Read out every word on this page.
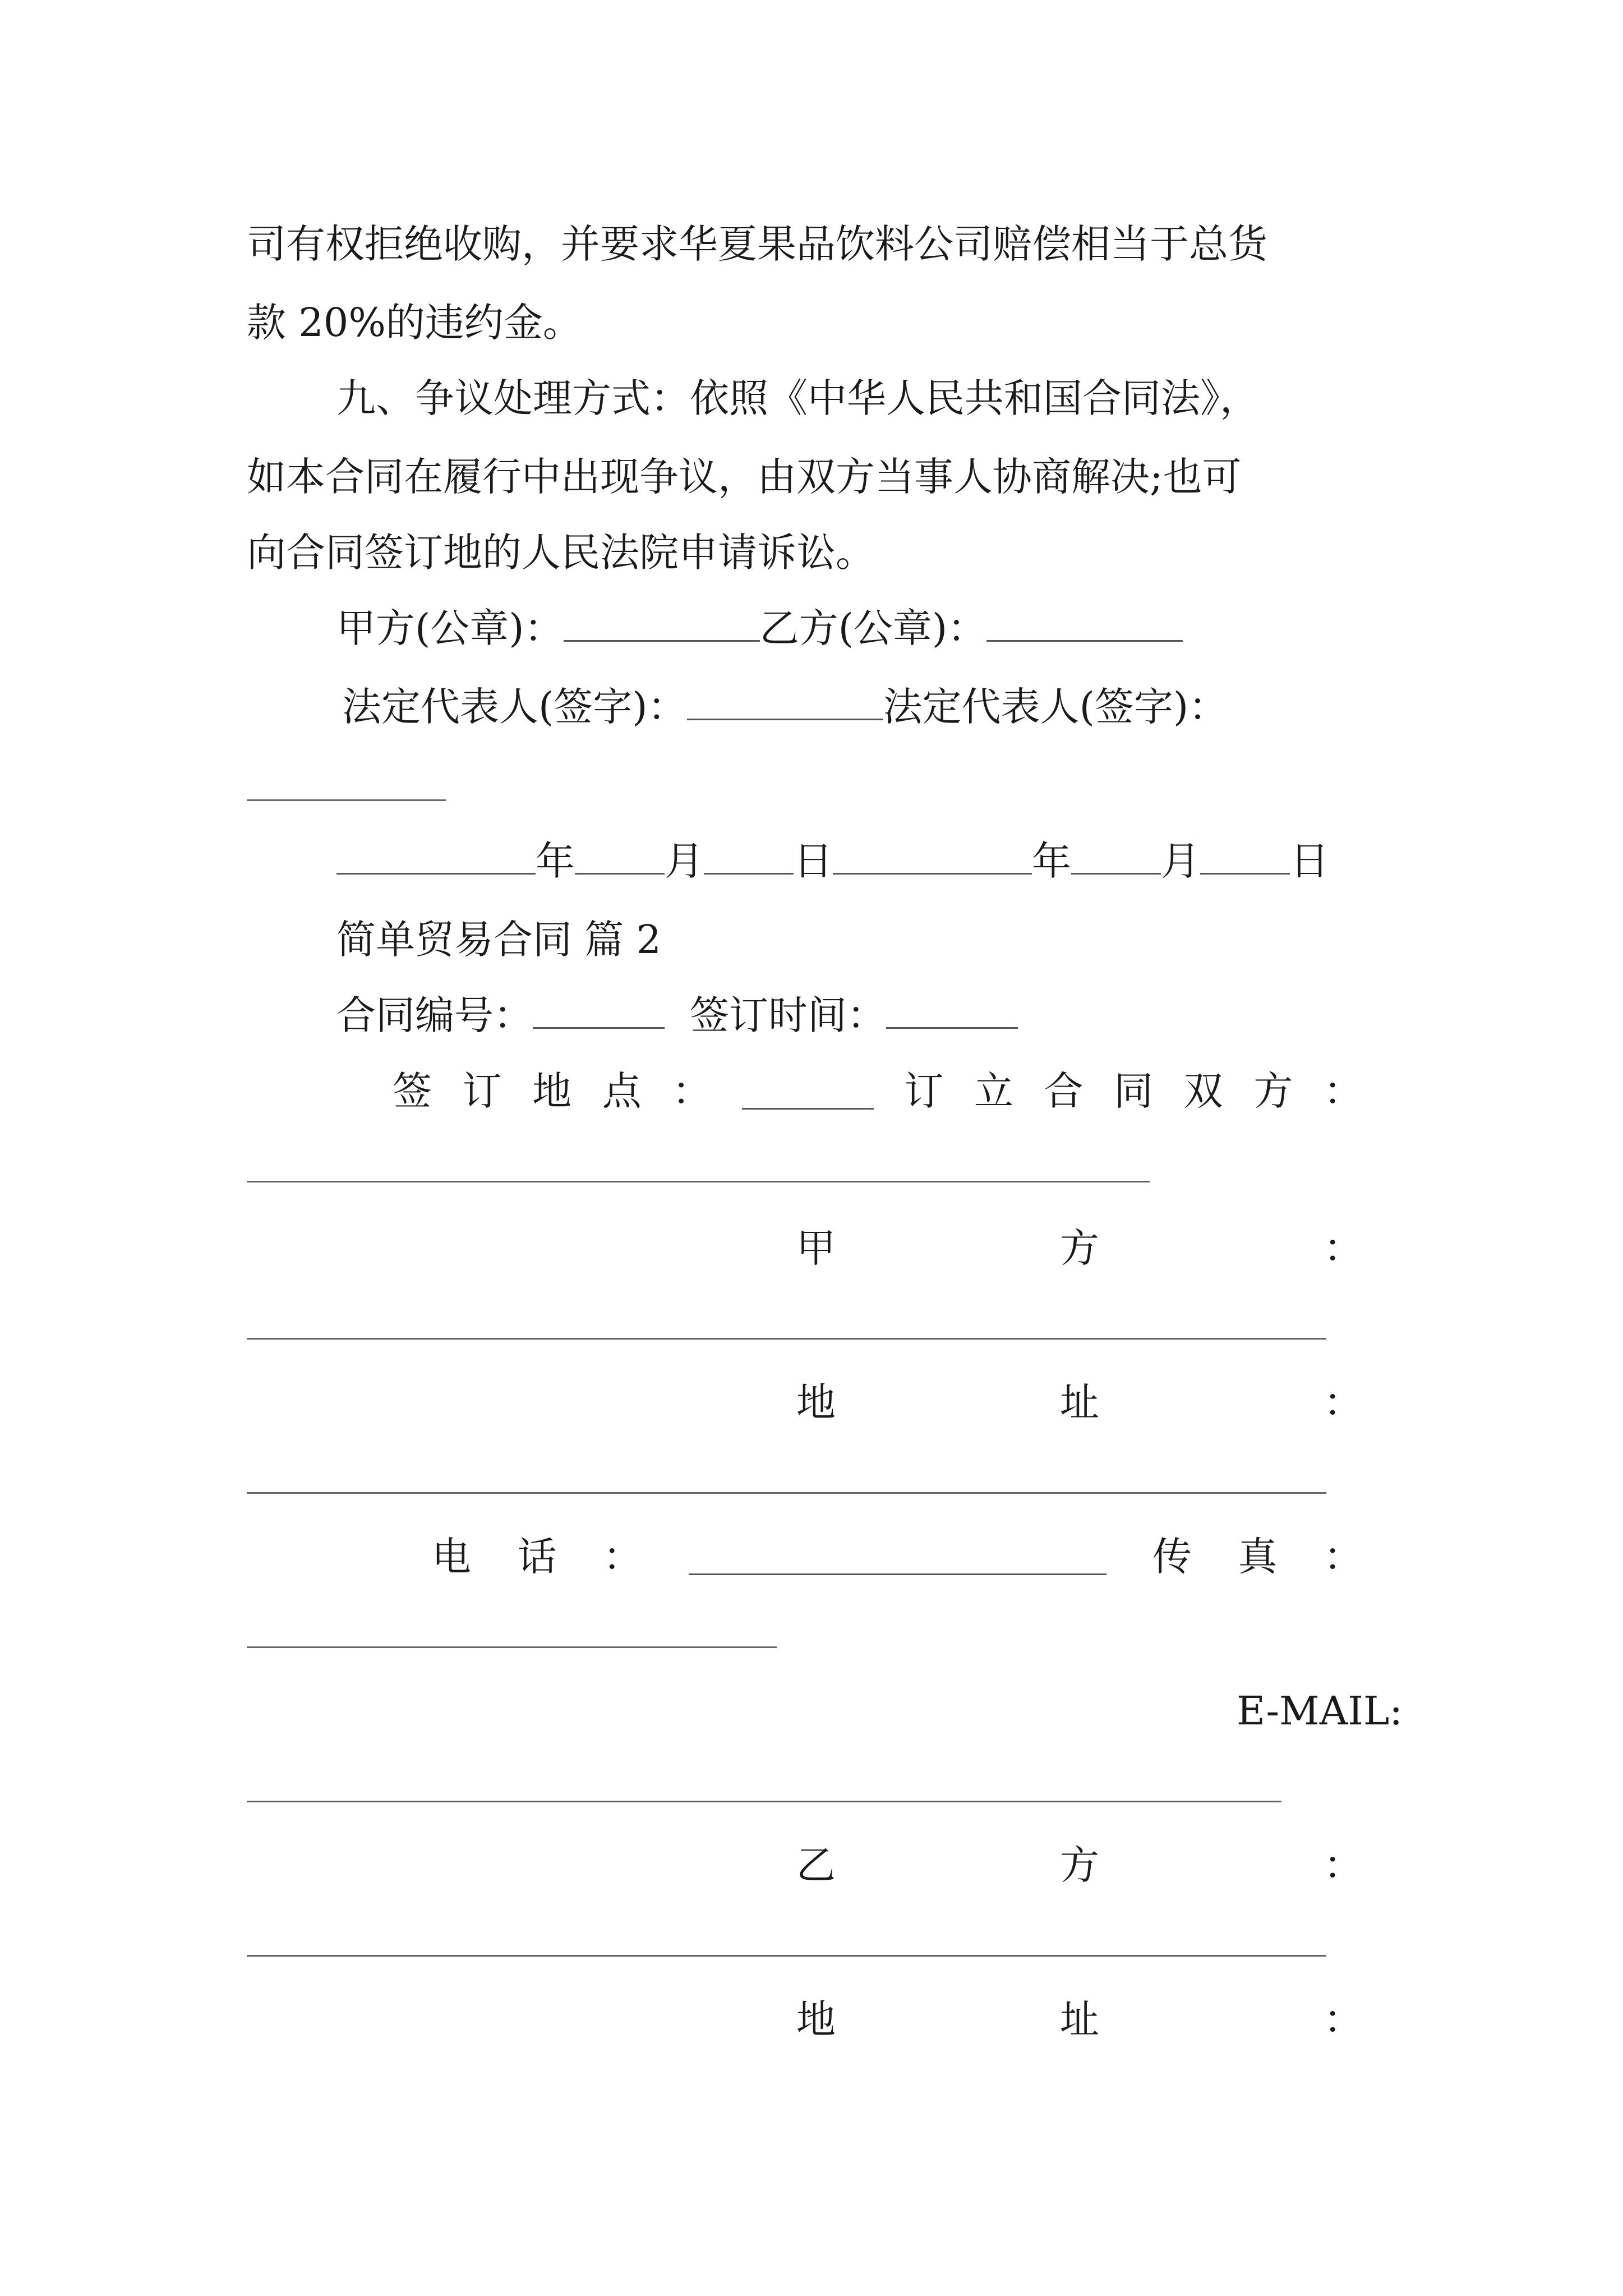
司有权拒绝收购，并要求华夏果品饮料公司赔偿相当于总货
款 20%的违约金。
九、争议处理方式：依照《中华人民共和国合同法》，
如本合同在履行中出现争议，由双方当事人协商解决;也可
向合同签订地的人民法院申请诉讼。
甲方(公章)：	乙方(公章)：
法定代表人(签字)：	法定代表人(签字)：
年 月 日	年 月 日
简单贸易合同 篇 2
合同编号：	签订时间：
签 订 地 点 ：	订 立 合 同 双 方 ：
甲	方	：
地	址	：
电 话 ：	传 真 ：
E-MAIL:
乙	方	：
地	址	：
